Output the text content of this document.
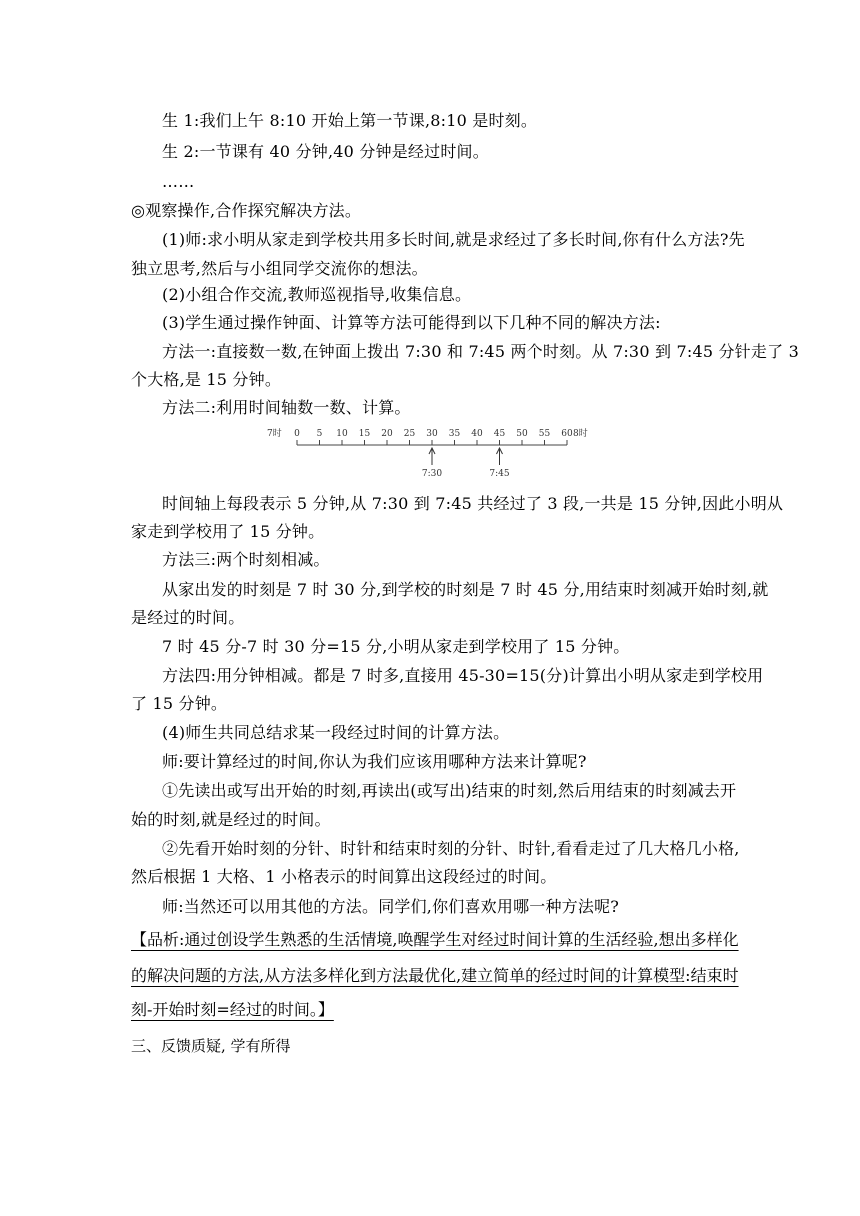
生 1:我们上午 8:10 开始上第一节课,8:10 是时刻。
生 2:一节课有 40 分钟,40 分钟是经过时间。
……
◎观察操作,合作探究解决方法。
(1)师:求小明从家走到学校共用多长时间,就是求经过了多长时间,你有什么方法?先
独立思考,然后与小组同学交流你的想法。
(2)小组合作交流,教师巡视指导,收集信息。
(3)学生通过操作钟面、计算等方法可能得到以下几种不同的解决方法:
方法一:直接数一数,在钟面上拨出 7:30 和 7:45 两个时刻。从 7:30 到 7:45 分针走了 3
个大格,是 15 分钟。
方法二:利用时间轴数一数、计算。
7时	8时
0 5 10 15 20 25 30 35 40 45 50 55 60
7:30	7:45
时间轴上每段表示 5 分钟,从 7:30 到 7:45 共经过了 3 段,一共是 15 分钟,因此小明从
家走到学校用了 15 分钟。
方法三:两个时刻相减。
从家出发的时刻是 7 时 30 分,到学校的时刻是 7 时 45 分,用结束时刻减开始时刻,就
是经过的时间。
7 时 45 分-7 时 30 分=15 分,小明从家走到学校用了 15 分钟。
方法四:用分钟相减。都是 7 时多,直接用 45-30=15(分)计算出小明从家走到学校用
了 15 分钟。
(4)师生共同总结求某一段经过时间的计算方法。
师:要计算经过的时间,你认为我们应该用哪种方法来计算呢?
①先读出或写出开始的时刻,再读出(或写出)结束的时刻,然后用结束的时刻减去开
始的时刻,就是经过的时间。
②先看开始时刻的分针、时针和结束时刻的分针、时针,看看走过了几大格几小格,
然后根据 1 大格、1 小格表示的时间算出这段经过的时间。
师:当然还可以用其他的方法。同学们,你们喜欢用哪一种方法呢?
【品析:通过创设学生熟悉的生活情境,唤醒学生对经过时间计算的生活经验,想出多样化
的解决问题的方法,从方法多样化到方法最优化,建立简单的经过时间的计算模型:结束时
刻-开始时刻=经过的时间。】
三、反馈质疑, 学有所得
